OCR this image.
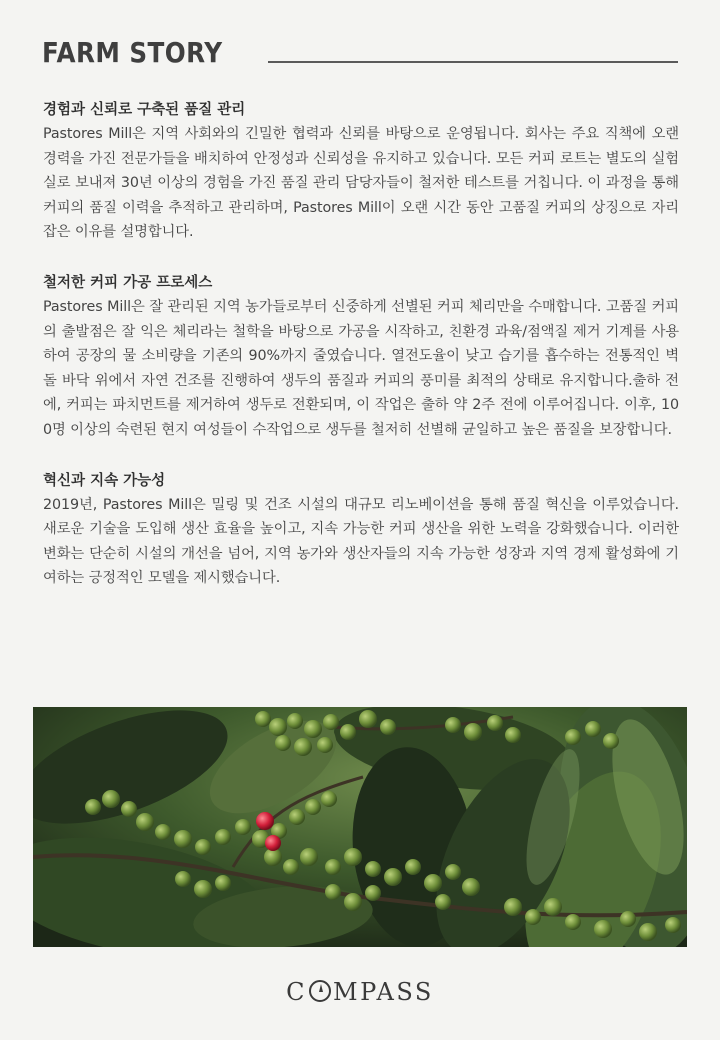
FARM STORY
경험과 신뢰로 구축된 품질 관리

Pastores Mill은 지역 사회와의 긴밀한 협력과 신뢰를 바탕으로 운영됩니다. 회사는 주요 직책에 오랜 경력을 가진 전문가들을 배치하여 안정성과 신뢰성을 유지하고 있습니다. 모든 커피 로트는 별도의 실험실로 보내져 30년 이상의 경험을 가진 품질 관리 담당자들이 철저한 테스트를 거칩니다. 이 과정을 통해 커피의 품질 이력을 추적하고 관리하며, Pastores Mill이 오랜 시간 동안 고품질 커피의 상징으로 자리 잡은 이유를 설명합니다.

철저한 커피 가공 프로세스

Pastores Mill은 잘 관리된 지역 농가들로부터 신중하게 선별된 커피 체리만을 수매합니다. 고품질 커피의 출발점은 잘 익은 체리라는 철학을 바탕으로 가공을 시작하고, 친환경 과육/점액질 제거 기계를 사용하여 공장의 물 소비량을 기존의 90%까지 줄였습니다. 열전도율이 낮고 습기를 흡수하는 전통적인 벽돌 바닥 위에서 자연 건조를 진행하여 생두의 품질과 커피의 풍미를 최적의 상태로 유지합니다.출하 전에, 커피는 파치먼트를 제거하여 생두로 전환되며, 이 작업은 출하 약 2주 전에 이루어집니다. 이후, 100명 이상의 숙련된 현지 여성들이 수작업으로 생두를 철저히 선별해 균일하고 높은 품질을 보장합니다.

혁신과 지속 가능성

2019년, Pastores Mill은 밀링 및 건조 시설의 대규모 리노베이션을 통해 품질 혁신을 이루었습니다. 새로운 기술을 도입해 생산 효율을 높이고, 지속 가능한 커피 생산을 위한 노력을 강화했습니다. 이러한 변화는 단순히 시설의 개선을 넘어, 지역 농가와 생산자들의 지속 가능한 성장과 지역 경제 활성화에 기여하는 긍정적인 모델을 제시했습니다.

C MPASS
